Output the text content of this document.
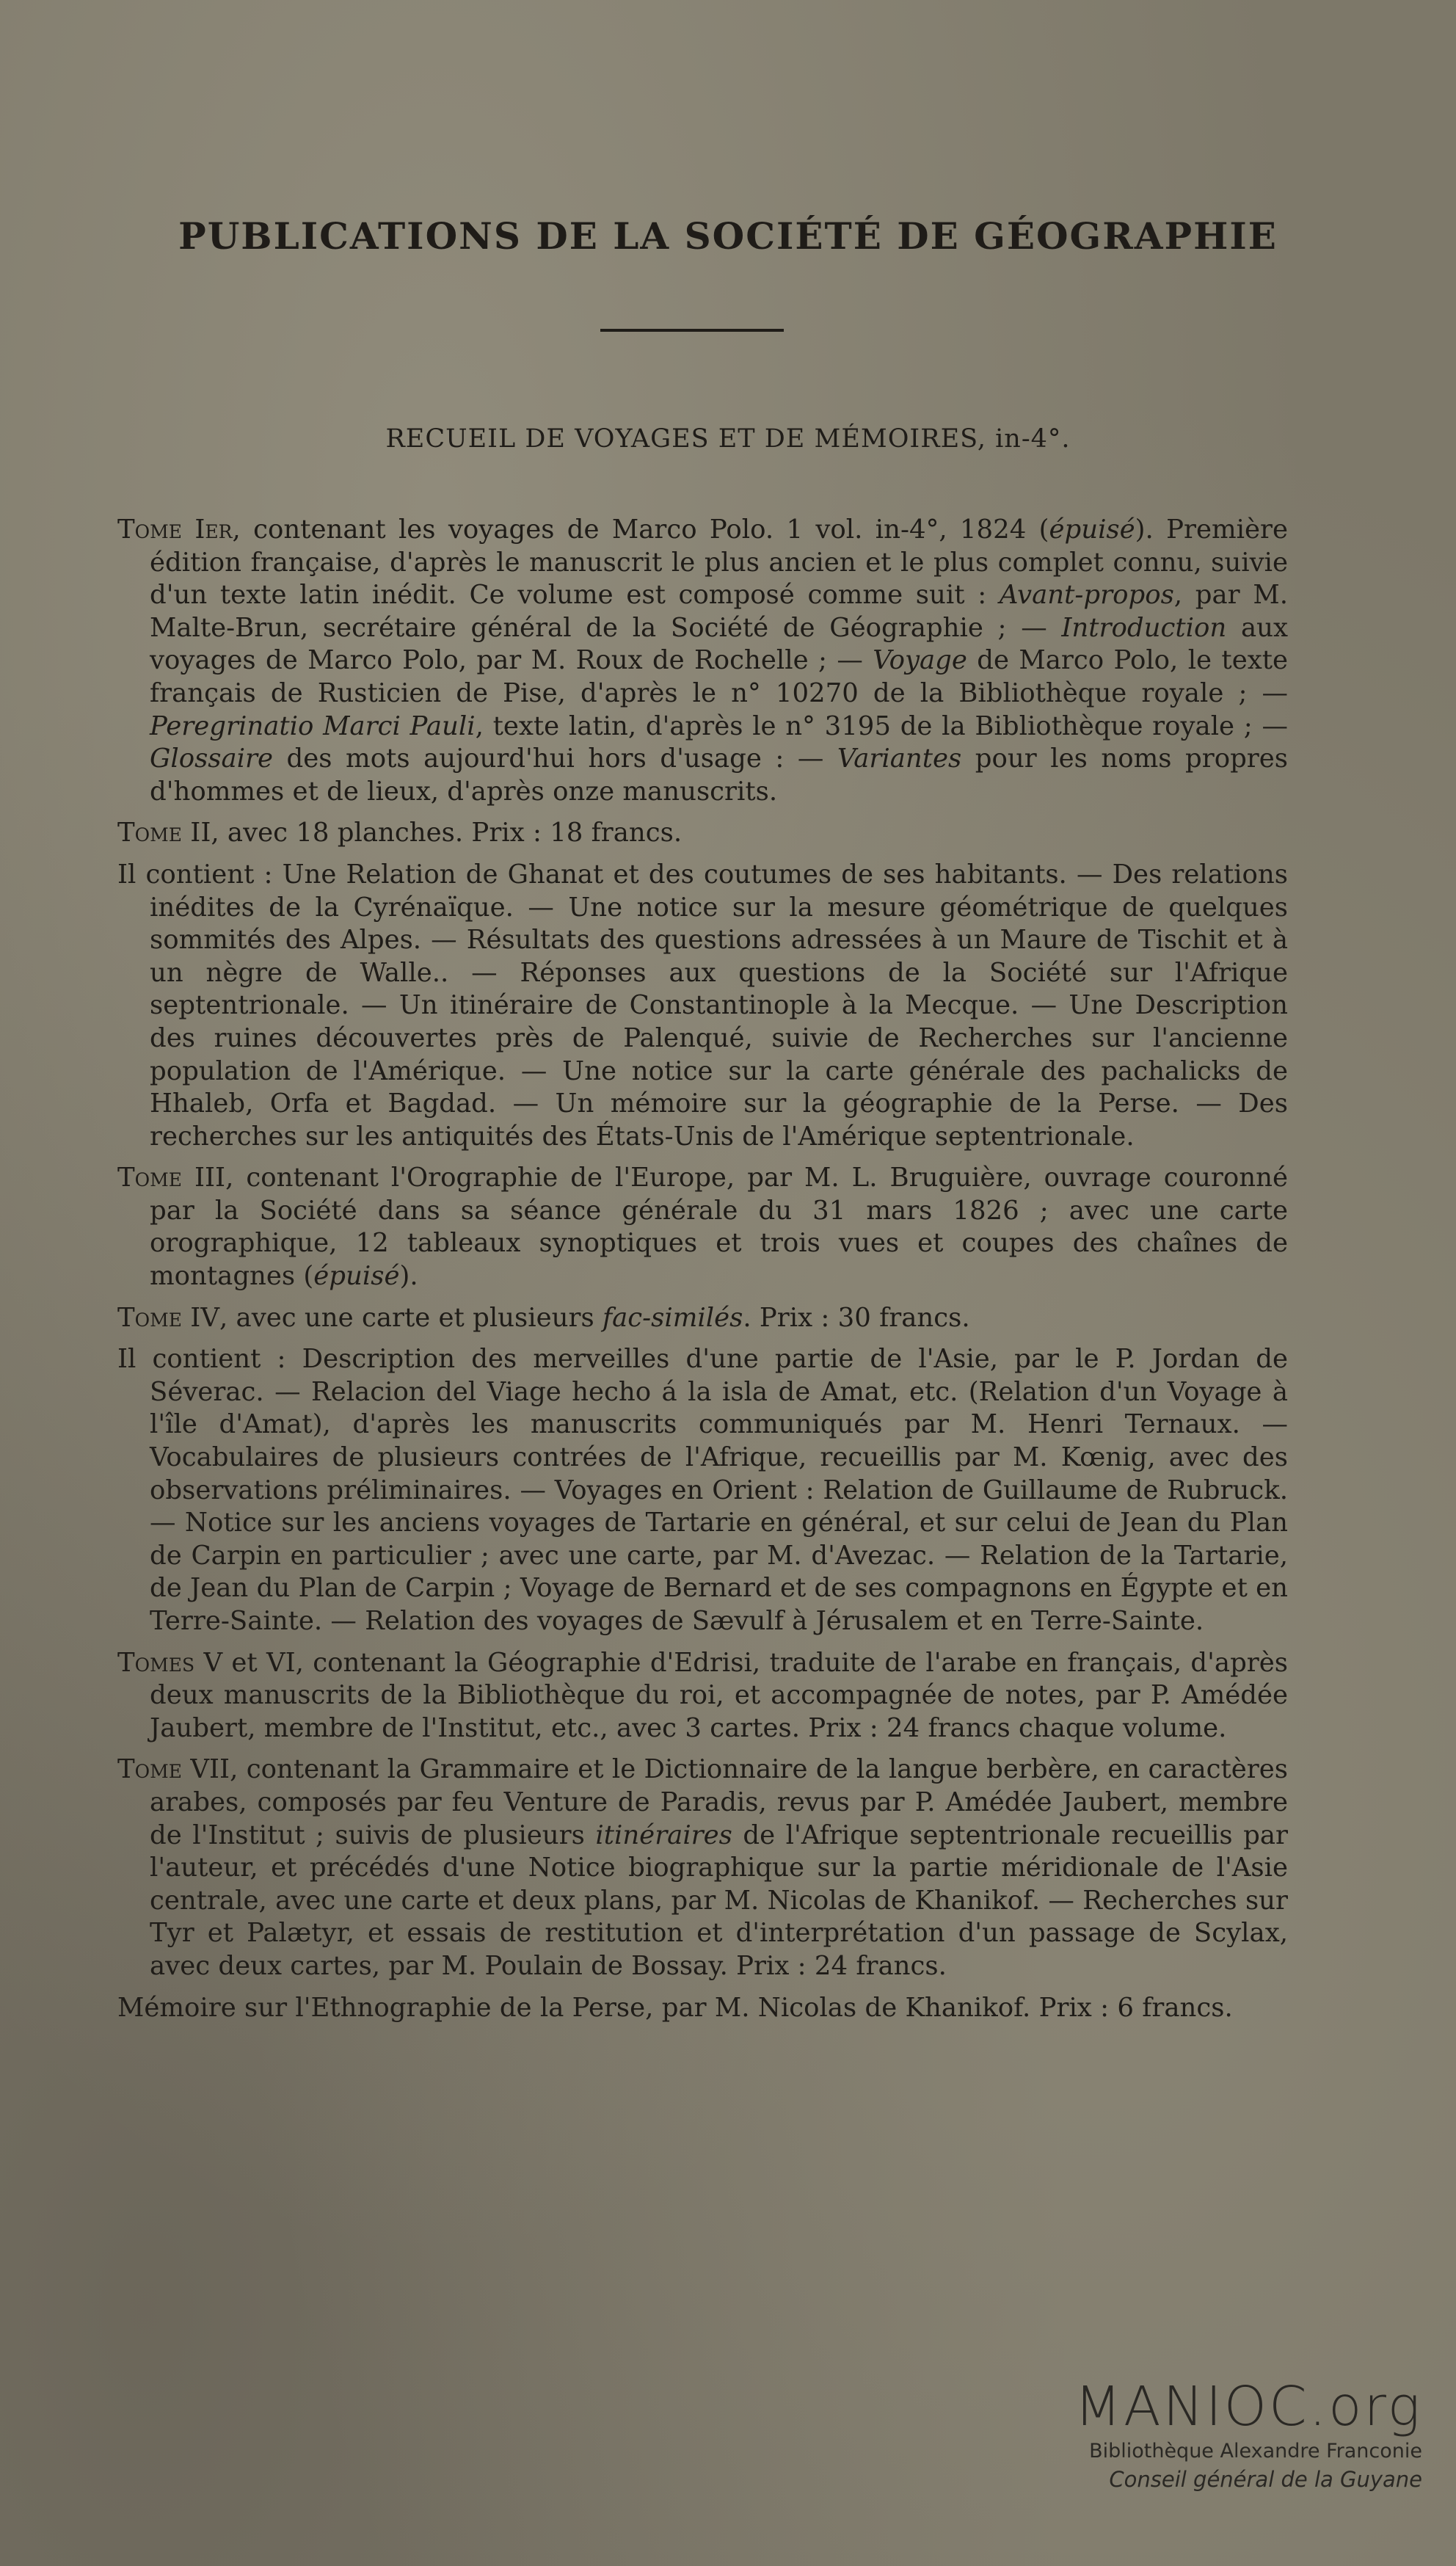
PUBLICATIONS DE LA SOCIÉTÉ DE GÉOGRAPHIE
RECUEIL DE VOYAGES ET DE MÉMOIRES, in-4°.

Tome Ier, contenant les voyages de Marco Polo. 1 vol. in-4°, 1824 (épuisé). Première édition française, d'après le manuscrit le plus ancien et le plus complet connu, suivie d'un texte latin inédit. Ce volume est composé comme suit : Avant-propos, par M. Malte-Brun, secrétaire général de la Société de Géographie ; — Introduction aux voyages de Marco Polo, par M. Roux de Rochelle ; — Voyage de Marco Polo, le texte français de Rusticien de Pise, d'après le n° 10270 de la Bibliothèque royale ; — Peregrinatio Marci Pauli, texte latin, d'après le n° 3195 de la Bibliothèque royale ; — Glossaire des mots aujourd'hui hors d'usage : — Variantes pour les noms propres d'hommes et de lieux, d'après onze manuscrits.

Tome II, avec 18 planches. Prix : 18 francs.

Il contient : Une Relation de Ghanat et des coutumes de ses habitants. — Des relations inédites de la Cyrénaïque. — Une notice sur la mesure géométrique de quelques sommités des Alpes. — Résultats des questions adressées à un Maure de Tischit et à un nègre de Walle.. — Réponses aux questions de la Société sur l'Afrique septentrionale. — Un itinéraire de Constantinople à la Mecque. — Une Description des ruines découvertes près de Palenqué, suivie de Recherches sur l'ancienne population de l'Amérique. — Une notice sur la carte générale des pachalicks de Hhaleb, Orfa et Bagdad. — Un mémoire sur la géographie de la Perse. — Des recherches sur les antiquités des États-Unis de l'Amérique septentrionale.

Tome III, contenant l'Orographie de l'Europe, par M. L. Bruguière, ouvrage couronné par la Société dans sa séance générale du 31 mars 1826 ; avec une carte orographique, 12 tableaux synoptiques et trois vues et coupes des chaînes de montagnes (épuisé).

Tome IV, avec une carte et plusieurs fac-similés. Prix : 30 francs.

Il contient : Description des merveilles d'une partie de l'Asie, par le P. Jordan de Séverac. — Relacion del Viage hecho á la isla de Amat, etc. (Relation d'un Voyage à l'île d'Amat), d'après les manuscrits communiqués par M. Henri Ternaux. — Vocabulaires de plusieurs contrées de l'Afrique, recueillis par M. Kœnig, avec des observations préliminaires. — Voyages en Orient : Relation de Guillaume de Rubruck. — Notice sur les anciens voyages de Tartarie en général, et sur celui de Jean du Plan de Carpin en particulier ; avec une carte, par M. d'Avezac. — Relation de la Tartarie, de Jean du Plan de Carpin ; Voyage de Bernard et de ses compagnons en Égypte et en Terre-Sainte. — Relation des voyages de Sævulf à Jérusalem et en Terre-Sainte.

Tomes V et VI, contenant la Géographie d'Edrisi, traduite de l'arabe en français, d'après deux manuscrits de la Bibliothèque du roi, et accompagnée de notes, par P. Amédée Jaubert, membre de l'Institut, etc., avec 3 cartes. Prix : 24 francs chaque volume.

Tome VII, contenant la Grammaire et le Dictionnaire de la langue berbère, en caractères arabes, composés par feu Venture de Paradis, revus par P. Amédée Jaubert, membre de l'Institut ; suivis de plusieurs itinéraires de l'Afrique septentrionale recueillis par l'auteur, et précédés d'une Notice biographique sur la partie méridionale de l'Asie centrale, avec une carte et deux plans, par M. Nicolas de Khanikof. — Recherches sur Tyr et Palætyr, et essais de restitution et d'interprétation d'un passage de Scylax, avec deux cartes, par M. Poulain de Bossay. Prix : 24 francs.

Mémoire sur l'Ethnographie de la Perse, par M. Nicolas de Khanikof. Prix : 6 francs.

MANIOC.org
Bibliothèque Alexandre Franconie
Conseil général de la Guyane
